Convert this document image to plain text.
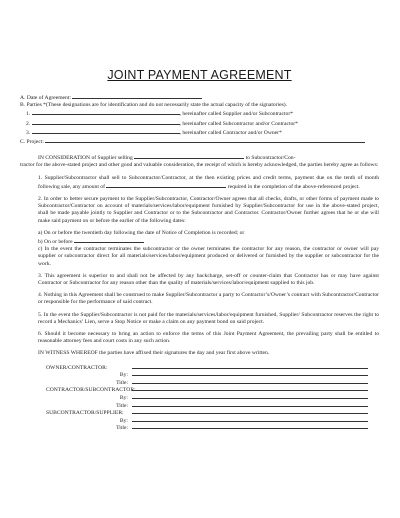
JOINT PAYMENT AGREEMENT
A. Date of Agreement:
B. Parties *(These designations are for identification and do not necessarily state the actual capacity of the signatories).
1.	, hereinafter called Supplier and/or Subcontractor*
2.	, hereinafter called Subcontractor and/or Contractor*
3.	, hereinafter called Contractor and/or Owner*
C. Project:
IN CONSIDERATION of Supplier selling	to Subcontractor/Con-

tractor for the above-stated project and other good and valuable consideration, the receipt of which is hereby acknowledged, the parties hereby agree as follows:

1. Supplier/Subcontractor shall sell to Subcontractor/Contractor, at the then existing prices and credit terms, payment due on the tenth of month following sale, any amount of	required in the completion of the above-referenced project.

2. In order to better secure payment to the Supplier/Subcontractor, Contractor/Owner agrees that all checks, drafts, or other forms of payment made to Subcontractor/Contractor on account of materials/services/labor/equipment furnished by Supplier/Subcontractor for use in the above-stated project, shall be made payable jointly to Supplier and Contractor or to the Subcontractor and Contractor. Contractor/Owner further agrees that he or she will make said payment on or before the earlier of the following dates:

a) On or before the twentieth day following the date of Notice of Completion is recorded; or
b) On or before

c) In the event the contractor terminates the subcontractor or the owner terminates the contractor for any reason, the contractor or owner will pay supplier or subcontractor direct for all materials/services/labor/equipment produced or delivered or furnished by the supplier or subcontractor for the work.

3. This agreement is superior to and shall not be affected by any backcharge, set-off or counter-claim that Contractor has or may have against Contractor or Subcontractor for any reason other than the quality of materials/services/labor/equipment supplied to this job.

4. Nothing in this Agreement shall be construed to make Supplier/Subcontractor a party to Contractor’s/Owner’s contract with Subcontractor/Contractor or responsible for the performance of said contract.

5. In the event the Supplier/Subcontractor is not paid for the materials/services/labor/equipment furnished, Supplier/ Subcontractor reserves the right to record a Mechanics’ Lien, serve a Stop Notice or make a claim on any payment bond on said project.

6. Should it become necessary to bring an action to enforce the terms of this Joint Payment Agreement, the prevailing party shall be entitled to reasonable attorney fees and court costs in any such action.

IN WITNESS WHEREOF the parties have affixed their signatures the day and year first above written.
OWNER/CONTRACTOR:
By:
Title:
CONTRACTOR/SUBCONTRACTOR:
By:
Title:
SUBCONTRACTOR/SUPPLIER:
By:
Title:
